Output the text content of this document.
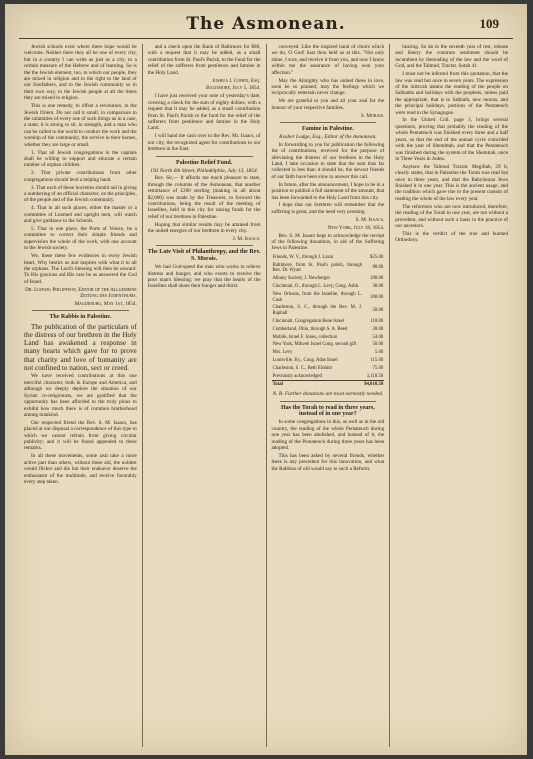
The Asmonean.	109

Jewish schools exist where there hope would be welcome. Neither there they all be one of every city, but in a country I can write as just as a city, to a certain measure of the Hebrew and of learning. So is the the Jewish element, too, to which our people, they are mixed in religion and to the right to the land of our forefathers, and to the Jewish community so in their own way, to the Jewish people at all the times they are mixed in religion.

This is one remedy, to offset a revolution, in the Jewish Orient. Do not call it small, in comparison to the calamities of every one of such things as in a case, a state; it is strong to sit, in strength, and a man who can be called to the world to conduct the work and the worship of the community, the service in their homes, whether they are large or small.

1. That all Jewish congregations in the capitals shall be willing to support and educate a certain number of orphan children.

2. That private contributions from other congregations should lend a helping hand.

3. That each of these Societies should aid in giving a numbering of an official character, on the principles, of the people and of the Jewish community.

4. That in all such places, either the master or a committee of Learned and upright men, will watch and give guidance to the Schools.

5. That in one place, the Ports of Venice, be a committee to correct their simple friends and supervision the whole of the work, with one account to the Jewish society.

We, these these few evidences in every Jewish heart, Why bestirs us and inspires with what it to all the orphans. The Lord's blessing will then be onward. To His gracious aid His care be as answered the God of Israel.

Dr. Ludwig Philippson, Editor of the Allgemeine Zeitung des Judenthums.

Magdeburg, May 1st, 1854.

The Rabbis in Palestine.

The publication of the particulars of the distress of our brethren in the Holy Land has awakened a response in many hearts which gave for to prove that charity and love of humanity are not confined to nation, sect or creed.

We have received contributions at this one merciful character, both in Europe and America, and although we deeply deplore the situation of our Syrian co-religionists, we are gratified that the opportunity has been afforded to the truly pious to exhibit how much there is of common brotherhood among mankind.

Our respected friend the Rev. S. M. Isaacs, has placed at our disposal a correspondence of this type to which we cannot refrain from giving circular publicity; and it will be found appended to these remarks.

In all these movements, some zeal take a more active part than others, without these aid, the noblest would flicker and die but their endeavor deserve the enthusiasm of the multitude, and receive favorably every step taken.

and a check upon the Bank of Baltimore for $80, with a request that it may be added, as a small contribution from St. Paul's Parish, to the Fund for the relief of the sufferers from pestilence and famine in the Holy Land.

Joshua I. Cohen, Esq.

Baltimore, July 5, 1854.

I have just received your note of yesterday's date, covering a check for the sum of eighty dollars, with a request that it may be added, as a small contribution from St. Paul's Parish to the fund for the relief of the sufferers from pestilence and famine in the Holy Land.

I will hand the cash over to the Rev. Mr. Isaacs, of our city, the recognized agent for contributions to our brethren in the East.

Palestine Relief Fund.

193 North 6th Street, Philadelphia, July 13, 1854.

Rev. Sir,— It affords me much pleasure to state, through the columns of the Asmonean, that another remittance of £200 sterling (making in all about $2,000) was made by the Treasurer, to forward the contributions, being the result of the meeting of Israelites, held in this city for raising funds for the relief of our brethren in Palestine.

Hoping that similar results may be attained from the united energies of our brethren in every city.

J. M. Isaacs.

The Late Visit of Philanthropy, and the Rev. S. Morais.

We had God-speed the man who works to relieve distress and hunger, and who exerts to receive the poor man's blessing; we pray that the hearts of the Israelites shall share their hunger and thirst.

conveyed. Like the inspired band of choirs which we do, O God! hast thou held us at this. "Not only shine, I sure, and receive it from you, and now I know within me the assurance of having won your affection."

May the Almighty who has united these in love, soon be so praised; may the feelings which we reciprocally entertain never change.

We are grateful to you and all your zeal for the honour of your respective families.

S. Morais.

Famine in Palestine.

Kosher Lodge, Esq., Editor of the Asmonean.

In forwarding to you for publication the following list of contributions, received for the purpose of alleviating the distress of our brethren in the Holy Land, I take occasion to state that the sum thus far collected is less than it should be, the devout friends of our faith have been slow to answer this call.

In future, after the announcement, I hope to be in a position to publish a full statement of the amount, that has been forwarded to the Holy Land from this city.

I hope that our brethren will remember that the suffering is great, and the need very pressing.

S. M. Isaacs.

New York, July 18, 1854.

Rev. S. M. Isaacs begs to acknowledge the receipt of the following donations, in aid of the Suffering Jews in Palestine.

Friends, W. V., through J. Lazar	$25.00
Baltimore, from St. Paul's parish, through Rev. Dr. Wyatt	80.00
Albany Society, J. Newburger	100.00
Cincinnati, O., through L. Levy, Cong. Ashb.	30.00
New Orleans, from the Israelite, through L. Cash	100.00
Charleston, S. C., through the Rev. M. J. Raphall	50.00
Cincinnati, Congregation Bene Israel	118.00
Cumberland, Ohio, through S. A. Reed	20.00
Mobile, Israel F. Jones, collection	54.00
New York, Mikveh Israel Cong. second gift	50.00
Mrs. Levy	5.00
Louisville, Ky., Cong. Adas Israel	115.00
Charleston, S. C., Beth Elohim	75.00
Previously acknowledged	3,118.50
Total	$4,010.50

N. B. Further donations are most earnestly needed.

Has the Torah to read in three years, instead of in one year?

In some congregations in this, as well as in the old country, the reading of the whole Pentateuch during one year has been abolished, and instead of it, the reading of the Pentateuch during three years has been adopted.

This has been asked by several friends, whether there is any precedent for this innovation, and what the Rabbins of old would say to such a Reform.

hearing. So do in the seventh year of rest, release and liberty the common sentiment should be incumbent by thereading of the law and the word of God, and the Talmud, Tractat. Sotah 41.

I must not be inferred from this quotation, that the law was read but once in seven years. The expression of the mitzvah means the reading of the people on Sabbaths and holidays with the prophets, unless paid the appropriate, that is to Sabbath, new moons, and the principal holidays, portions of the Pentateuch were read in the Synagogue.

In the United Coll. page 3, brings several questions, proving that probably the reading of the whole Pentateuch was finished every three and a half years, so that the end of the annual cycle coincided with the year of Shemittah, and that the Pentateuch was finished during the system of the Shemitah, once in Three Years in Judea.

Anyhow the Talmud Tractat. Megillah, 29 b, clearly states, that in Palestine the Torah was read but once in three years, and that the Babylonian Jews finished it in one year. This is the ancient usage, and the tradition which gave rise to the present custom of reading the whole of the law every year.

The reformers who are now introduced, therefore, the reading of the Torah in one year, are not without a precedent, and without such a basis in the practice of our ancestors.

This is the verdict of the true and learned Orthodoxy.
